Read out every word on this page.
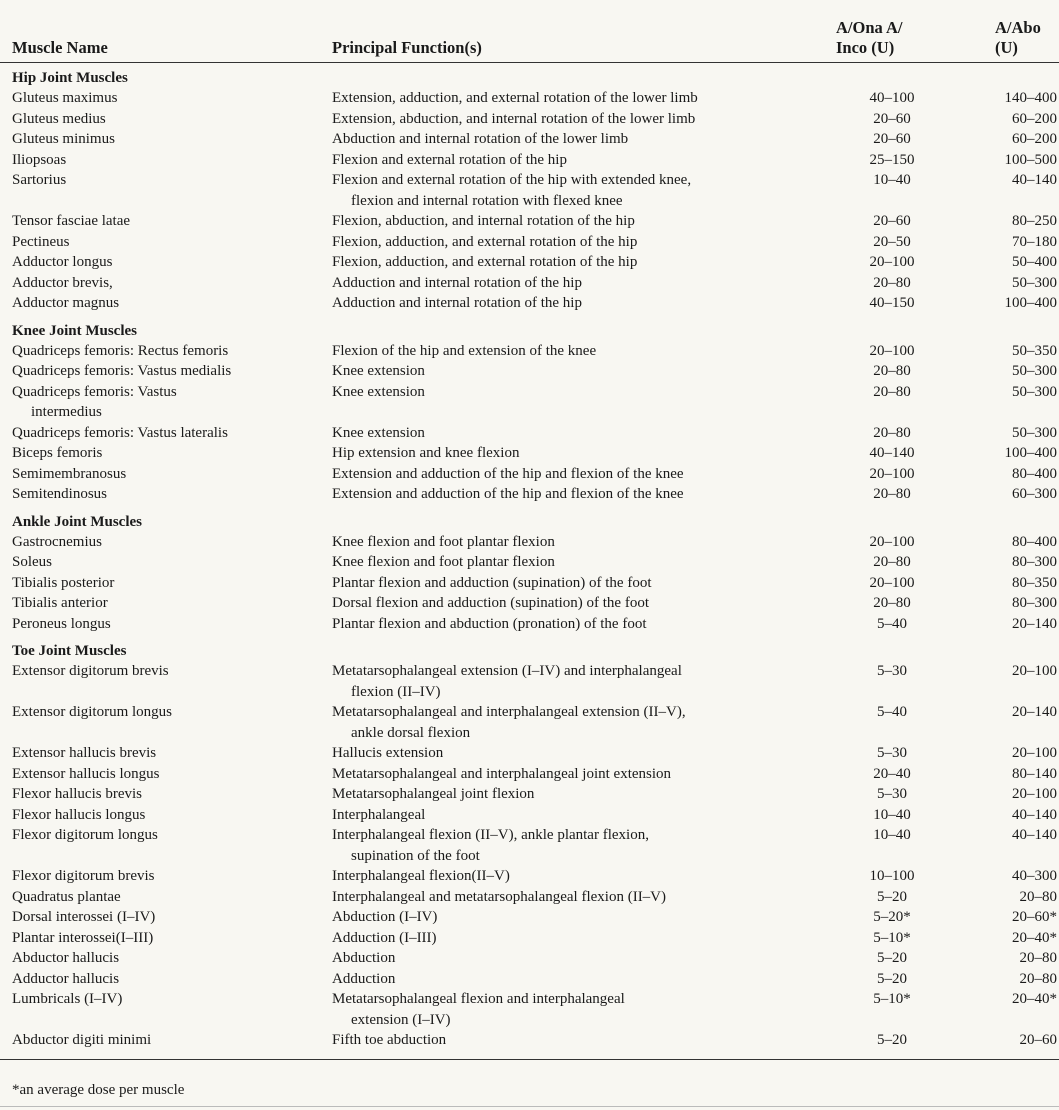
Muscle Name	Principal Function(s)	A/Ona A/
Inco (U)	A/Abo
(U)
Hip Joint Muscles			

Gluteus maximus	Extension, adduction, and external rotation of the lower limb	40–100	140–400

Gluteus medius	Extension, abduction, and internal rotation of the lower limb	20–60	60–200

Gluteus minimus	Abduction and internal rotation of the lower limb	20–60	60–200

Iliopsoas	Flexion and external rotation of the hip	25–150	100–500

Sartorius	Flexion and external rotation of the hip with extended knee,
flexion and internal rotation with flexed knee	10–40	40–140

Tensor fasciae latae	Flexion, abduction, and internal rotation of the hip	20–60	80–250

Pectineus	Flexion, adduction, and external rotation of the hip	20–50	70–180

Adductor longus	Flexion, adduction, and external rotation of the hip	20–100	50–400

Adductor brevis,	Adduction and internal rotation of the hip	20–80	50–300

Adductor magnus	Adduction and internal rotation of the hip	40–150	100–400
Knee Joint Muscles			

Quadriceps femoris: Rectus femoris	Flexion of the hip and extension of the knee	20–100	50–350

Quadriceps femoris: Vastus medialis	Knee extension	20–80	50–300

Quadriceps femoris: Vastus
intermedius	Knee extension	20–80	50–300

Quadriceps femoris: Vastus lateralis	Knee extension	20–80	50–300

Biceps femoris	Hip extension and knee flexion	40–140	100–400

Semimembranosus	Extension and adduction of the hip and flexion of the knee	20–100	80–400

Semitendinosus	Extension and adduction of the hip and flexion of the knee	20–80	60–300
Ankle Joint Muscles			

Gastrocnemius	Knee flexion and foot plantar flexion	20–100	80–400

Soleus	Knee flexion and foot plantar flexion	20–80	80–300

Tibialis posterior	Plantar flexion and adduction (supination) of the foot	20–100	80–350

Tibialis anterior	Dorsal flexion and adduction (supination) of the foot	20–80	80–300

Peroneus longus	Plantar flexion and abduction (pronation) of the foot	5–40	20–140
Toe Joint Muscles			

Extensor digitorum brevis	Metatarsophalangeal extension (I–IV) and interphalangeal
flexion (II–IV)	5–30	20–100

Extensor digitorum longus	Metatarsophalangeal and interphalangeal extension (II–V),
ankle dorsal flexion	5–40	20–140

Extensor hallucis brevis	Hallucis extension	5–30	20–100

Extensor hallucis longus	Metatarsophalangeal and interphalangeal joint extension	20–40	80–140

Flexor hallucis brevis	Metatarsophalangeal joint flexion	5–30	20–100

Flexor hallucis longus	Interphalangeal	10–40	40–140

Flexor digitorum longus	Interphalangeal flexion (II–V), ankle plantar flexion,
supination of the foot	10–40	40–140

Flexor digitorum brevis	Interphalangeal flexion(II–V)	10–100	40–300

Quadratus plantae	Interphalangeal and metatarsophalangeal flexion (II–V)	5–20	20–80

Dorsal interossei (I–IV)	Abduction (I–IV)	5–20*	20–60*

Plantar interossei(I–III)	Adduction (I–III)	5–10*	20–40*

Abductor hallucis	Abduction	5–20	20–80

Adductor hallucis	Adduction	5–20	20–80

Lumbricals (I–IV)	Metatarsophalangeal flexion and interphalangeal
extension (I–IV)	5–10*	20–40*

Abductor digiti minimi	Fifth toe abduction	5–20	20–60

*an average dose per muscle
